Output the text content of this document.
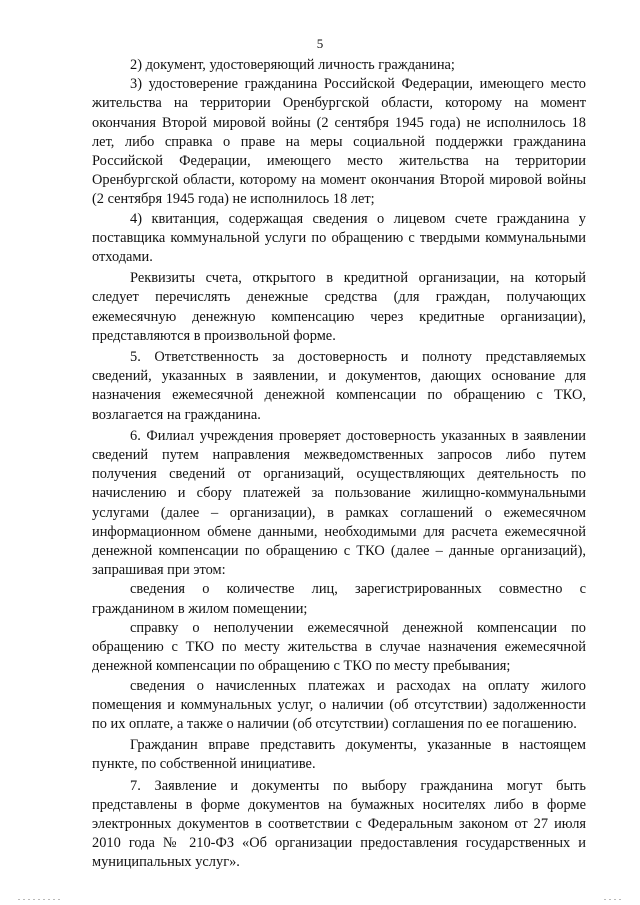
5

2) документ, удостоверяющий личность гражданина;

3) удостоверение гражданина Российской Федерации, имеющего место жительства на территории Оренбургской области, которому на момент окончания Второй мировой войны (2 сентября 1945 года) не исполнилось 18 лет, либо справка о праве на меры социальной поддержки гражданина Российской Федерации, имеющего место жительства на территории Оренбургской области, которому на момент окончания Второй мировой войны (2 сентября 1945 года) не исполнилось 18 лет;

4) квитанция, содержащая сведения о лицевом счете гражданина у поставщика коммунальной услуги по обращению с твердыми коммунальными отходами.

Реквизиты счета, открытого в кредитной организации, на который следует перечислять денежные средства (для граждан, получающих ежемесячную денежную компенсацию через кредитные организации), представляются в произвольной форме.

5. Ответственность за достоверность и полноту представляемых сведений, указанных в заявлении, и документов, дающих основание для назначения ежемесячной денежной компенсации по обращению с ТКО, возлагается на гражданина.

6. Филиал учреждения проверяет достоверность указанных в заявлении сведений путем направления межведомственных запросов либо путем получения сведений от организаций, осуществляющих деятельность по начислению и сбору платежей за пользование жилищно-коммунальными услугами (далее – организации), в рамках соглашений о ежемесячном информационном обмене данными, необходимыми для расчета ежемесячной денежной компенсации по обращению с ТКО (далее – данные организаций), запрашивая при этом:

сведения о количестве лиц, зарегистрированных совместно с гражданином в жилом помещении;

справку о неполучении ежемесячной денежной компенсации по обращению с ТКО по месту жительства в случае назначения ежемесячной денежной компенсации по обращению с ТКО по месту пребывания;

сведения о начисленных платежах и расходах на оплату жилого помещения и коммунальных услуг, о наличии (об отсутствии) задолженности по их оплате, а также о наличии (об отсутствии) соглашения по ее погашению.

Гражданин вправе представить документы, указанные в настоящем пункте, по собственной инициативе.

7. Заявление и документы по выбору гражданина могут быть представлены в форме документов на бумажных носителях либо в форме электронных документов в соответствии с Федеральным законом от 27 июля 2010 года № 210-ФЗ «Об организации предоставления государственных и муниципальных услуг».
